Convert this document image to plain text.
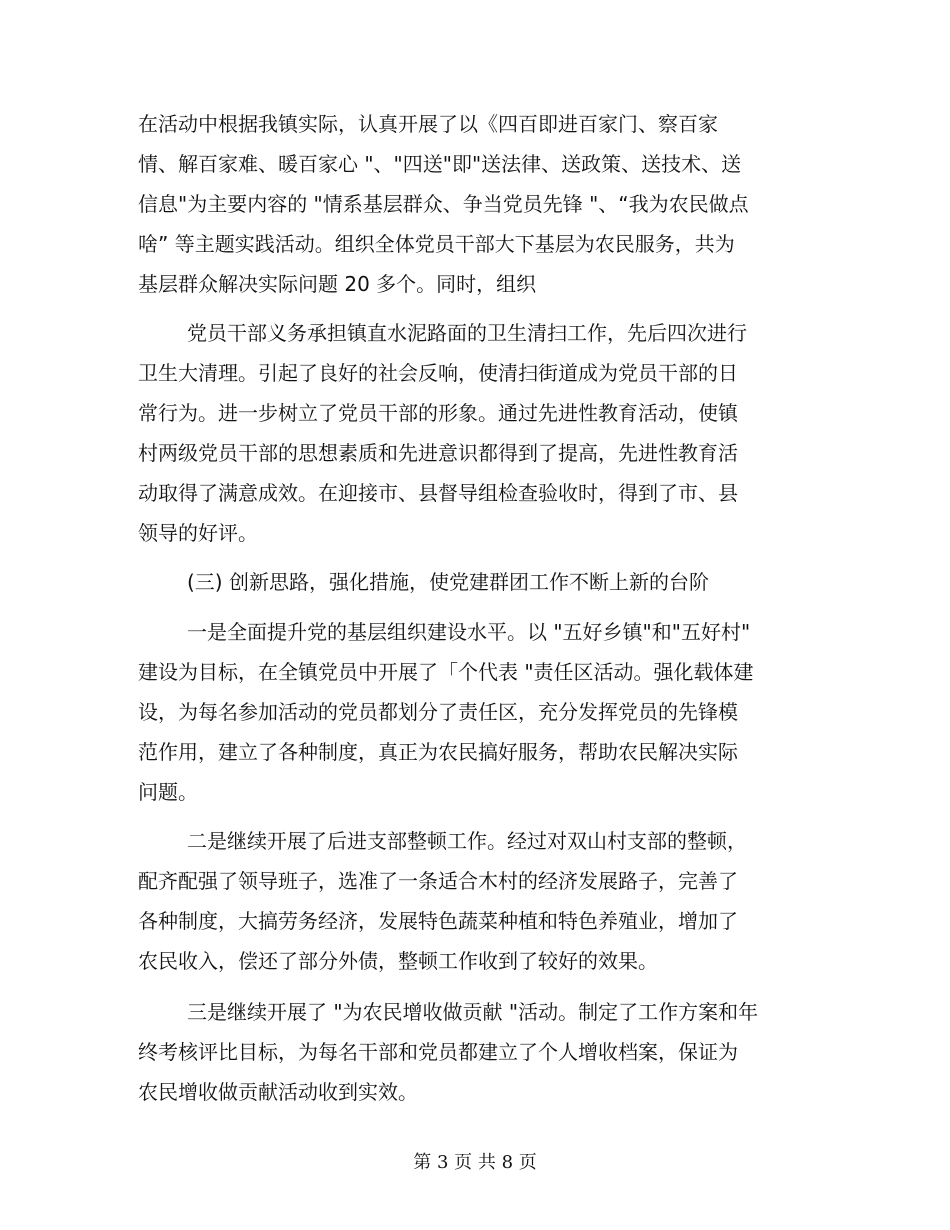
在活动中根据我镇实际，认真开展了以《四百即进百家门、察百家
情、解百家难、暖百家心 "、"四送"即"送法律、送政策、送技术、送
信息"为主要内容的 "情系基层群众、争当党员先锋 "、“我为农民做点
啥” 等主题实践活动。组织全体党员干部大下基层为农民服务，共为
基层群众解决实际问题 20 多个。同时，组织
党员干部义务承担镇直水泥路面的卫生清扫工作，先后四次进行
卫生大清理。引起了良好的社会反响，使清扫街道成为党员干部的日
常行为。进一步树立了党员干部的形象。通过先进性教育活动，使镇
村两级党员干部的思想素质和先进意识都得到了提高，先进性教育活
动取得了满意成效。在迎接市、县督导组检查验收时，得到了市、县
领导的好评。
(三) 创新思路，强化措施，使党建群团工作不断上新的台阶
一是全面提升党的基层组织建设水平。以 "五好乡镇"和"五好村"
建设为目标，在全镇党员中开展了「个代表 "责任区活动。强化载体建
设，为每名参加活动的党员都划分了责任区，充分发挥党员的先锋模
范作用，建立了各种制度，真正为农民搞好服务，帮助农民解决实际
问题。
二是继续开展了后进支部整顿工作。经过对双山村支部的整顿，
配齐配强了领导班子，选准了一条适合木村的经济发展路子，完善了
各种制度，大搞劳务经济，发展特色蔬菜种植和特色养殖业，增加了
农民收入，偿还了部分外债，整顿工作收到了较好的效果。
三是继续开展了 "为农民增收做贡献 "活动。制定了工作方案和年
终考核评比目标，为每名干部和党员都建立了个人增收档案，保证为
农民增收做贡献活动收到实效。
第 3 页 共 8 页
